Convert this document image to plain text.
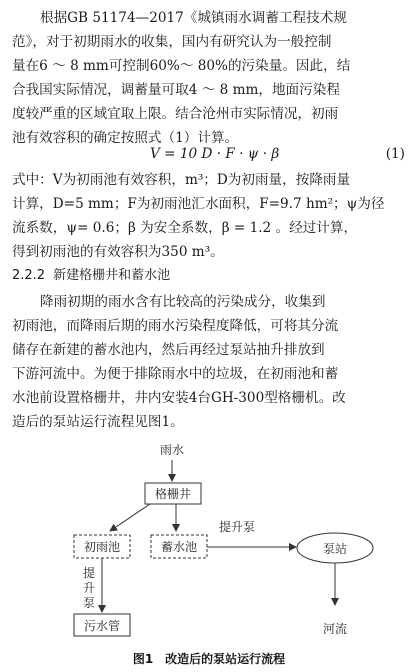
根据GB 51174—2017《城镇雨水调蓄工程技术规
范》，对于初期雨水的收集，国内有研究认为一般控制
量在6 ～ 8 mm可控制60%～ 80%的污染量。因此，结
合我国实际情况，调蓄量可取4 ～ 8 mm，地面污染程
度较严重的区域宜取上限。结合沧州市实际情况，初雨
池有效容积的确定按照式（1）计算。
V = 10 D · F · ψ · β	(1)
式中：V为初雨池有效容积，m³；D为初雨量，按降雨量
计算，D=5 mm；F为初雨池汇水面积，F=9.7 hm²；ψ为径
流系数，ψ= 0.6；β 为安全系数，β = 1.2 。经过计算，
得到初雨池的有效容积为350 m³。
2.2.2 新建格栅井和蓄水池
降雨初期的雨水含有比较高的污染成分，收集到
初雨池，而降雨后期的雨水污染程度降低，可将其分流
储存在新建的蓄水池内，然后再经过泵站抽升排放到
下游河流中。为便于排除雨水中的垃圾，在初雨池和蓄
水池前设置格栅井，井内安装4台GH-300型格栅机。改
造后的泵站运行流程见图1。
雨水
格栅井
初雨池	蓄水池
提升泵
泵站
河流
提
升
泵
污水管
图1　改造后的泵站运行流程
